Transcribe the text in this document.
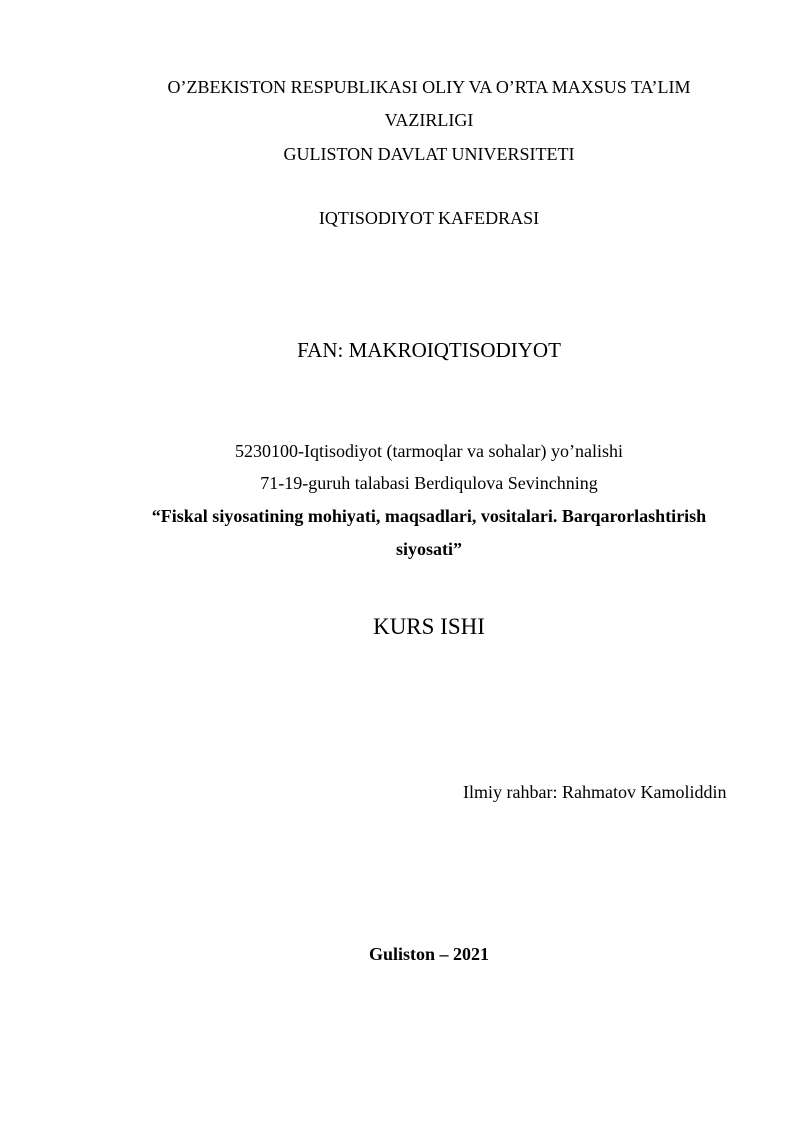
O’ZBEKISTON RESPUBLIKASI OLIY VA O’RTA MAXSUS TA’LIM
VAZIRLIGI
GULISTON DAVLAT UNIVERSITETI
IQTISODIYOT KAFEDRASI
FAN: MAKROIQTISODIYOT
5230100-Iqtisodiyot (tarmoqlar va sohalar) yo’nalishi
71-19-guruh talabasi Berdiqulova Sevinchning
“Fiskal siyosatining mohiyati, maqsadlari, vositalari. Barqarorlashtirish
siyosati”
KURS ISHI
Ilmiy rahbar: Rahmatov Kamoliddin
Guliston – 2021
